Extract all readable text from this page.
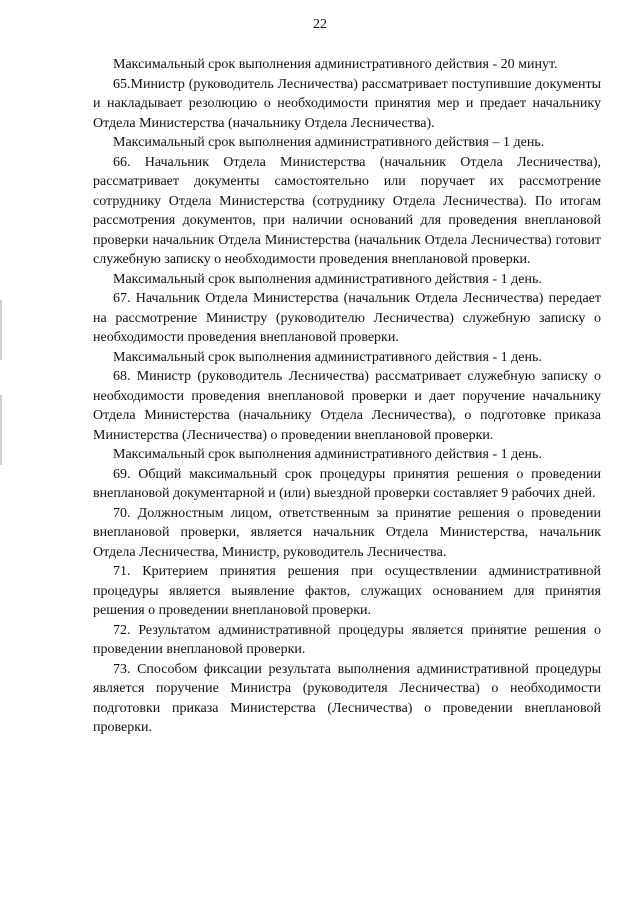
22

Максимальный срок выполнения административного действия - 20 минут.

65.Министр (руководитель Лесничества) рассматривает поступившие документы и накладывает резолюцию о необходимости принятия мер и предает начальнику Отдела Министерства (начальнику Отдела Лесничества).

Максимальный срок выполнения административного действия – 1 день.

66. Начальник Отдела Министерства (начальник Отдела Лесничества), рассматривает документы самостоятельно или поручает их рассмотрение сотруднику Отдела Министерства (сотруднику Отдела Лесничества). По итогам рассмотрения документов, при наличии оснований для проведения внеплановой проверки начальник Отдела Министерства (начальник Отдела Лесничества) готовит служебную записку о необходимости проведения внеплановой проверки.

Максимальный срок выполнения административного действия - 1 день.

67. Начальник Отдела Министерства (начальник Отдела Лесничества) передает на рассмотрение Министру (руководителю Лесничества) служебную записку о необходимости проведения внеплановой проверки.

Максимальный срок выполнения административного действия - 1 день.

68. Министр (руководитель Лесничества) рассматривает служебную записку о необходимости проведения внеплановой проверки и дает поручение начальнику Отдела Министерства (начальнику Отдела Лесничества), о подготовке приказа Министерства (Лесничества) о проведении внеплановой проверки.

Максимальный срок выполнения административного действия - 1 день.

69. Общий максимальный срок процедуры принятия решения о проведении внеплановой документарной и (или) выездной проверки составляет 9 рабочих дней.

70. Должностным лицом, ответственным за принятие решения о проведении внеплановой проверки, является начальник Отдела Министерства, начальник Отдела Лесничества, Министр, руководитель Лесничества.

71. Критерием принятия решения при осуществлении административной процедуры является выявление фактов, служащих основанием для принятия решения о проведении внеплановой проверки.

72. Результатом административной процедуры является принятие решения о проведении внеплановой проверки.

73. Способом фиксации результата выполнения административной процедуры является поручение Министра (руководителя Лесничества) о необходимости подготовки приказа Министерства (Лесничества) о проведении внеплановой проверки.
